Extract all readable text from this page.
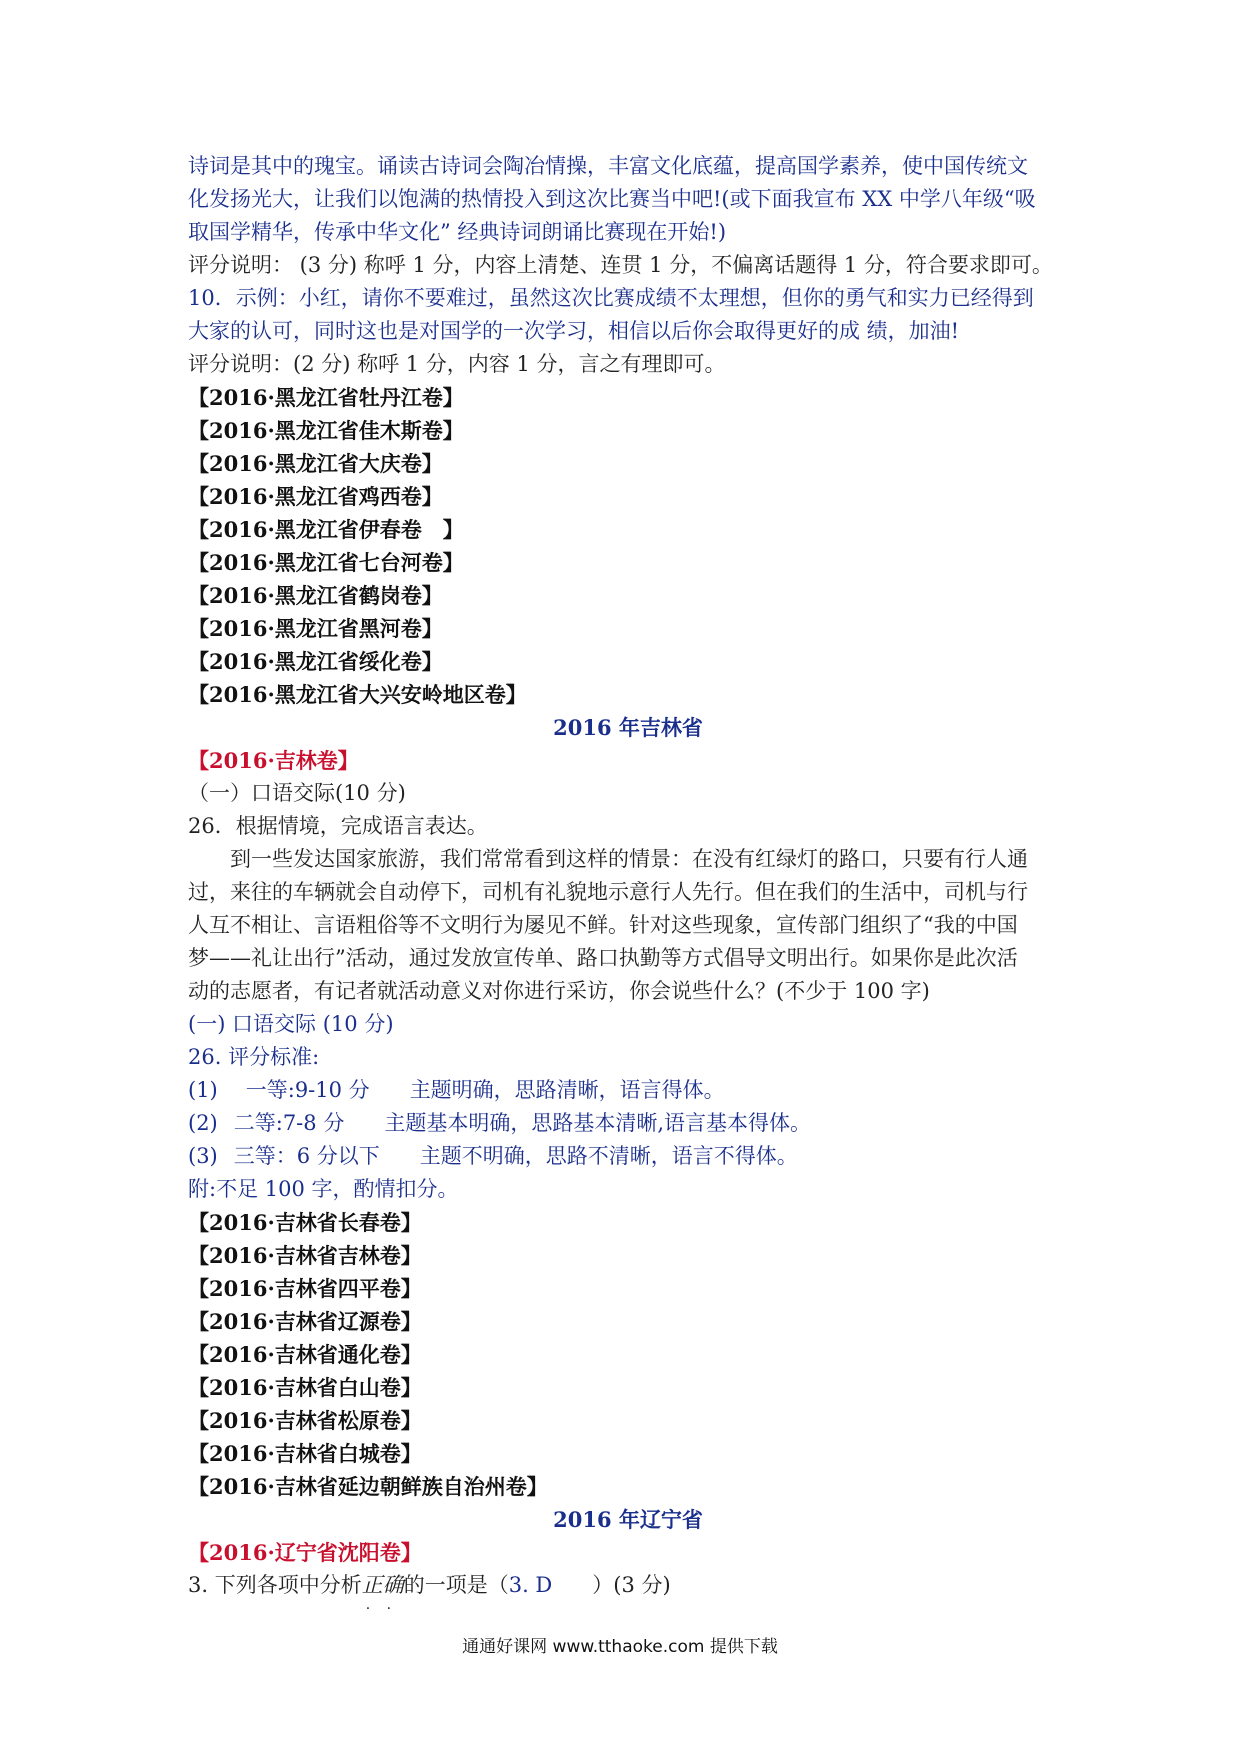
诗词是其中的瑰宝。诵读古诗词会陶冶情操，丰富文化底蕴，提高国学素养，使中国传统文
化发扬光大，让我们以饱满的热情投入到这次比赛当中吧!(或下面我宣布 XX 中学八年级“吸
取国学精华，传承中华文化” 经典诗词朗诵比赛现在开始!)
评分说明： (3 分) 称呼 1 分，内容上清楚、连贯 1 分，不偏离话题得 1 分，符合要求即可。
10．示例：小红，请你不要难过，虽然这次比赛成绩不太理想，但你的勇气和实力已经得到
大家的认可，同时这也是对国学的一次学习，相信以后你会取得更好的成 绩，加油!
评分说明：(2 分) 称呼 1 分，内容 1 分，言之有理即可。
【2016·黑龙江省牡丹江卷】
【2016·黑龙江省佳木斯卷】
【2016·黑龙江省大庆卷】
【2016·黑龙江省鸡西卷】
【2016·黑龙江省伊春卷　】
【2016·黑龙江省七台河卷】
【2016·黑龙江省鹤岗卷】
【2016·黑龙江省黑河卷】
【2016·黑龙江省绥化卷】
【2016·黑龙江省大兴安岭地区卷】
2016 年吉林省
【2016·吉林卷】
（一）口语交际(10 分)
26．根据情境，完成语言表达。
到一些发达国家旅游，我们常常看到这样的情景：在没有红绿灯的路口，只要有行人通
过，来往的车辆就会自动停下，司机有礼貌地示意行人先行。但在我们的生活中，司机与行
人互不相让、言语粗俗等不文明行为屡见不鲜。针对这些现象，宣传部门组织了“我的中国
梦——礼让出行”活动，通过发放宣传单、路口执勤等方式倡导文明出行。如果你是此次活
动的志愿者，有记者就活动意义对你进行采访，你会说些什么？(不少于 100 字)
(一) 口语交际 (10 分)
26. 评分标准:
(1) 一等:9-10 分 主题明确，思路清晰，语言得体。
(2) 二等:7-8 分 主题基本明确，思路基本清晰,语言基本得体。
(3) 三等：6 分以下 主题不明确，思路不清晰，语言不得体。
附:不足 100 字，酌情扣分。
【2016·吉林省长春卷】
【2016·吉林省吉林卷】
【2016·吉林省四平卷】
【2016·吉林省辽源卷】
【2016·吉林省通化卷】
【2016·吉林省白山卷】
【2016·吉林省松原卷】
【2016·吉林省白城卷】
【2016·吉林省延边朝鲜族自治州卷】
2016 年辽宁省
【2016·辽宁省沈阳卷】
3. 下列各项中分析正确 · ·的一项是（3. D ）(3 分)
通通好课网 www.tthaoke.com 提供下载
